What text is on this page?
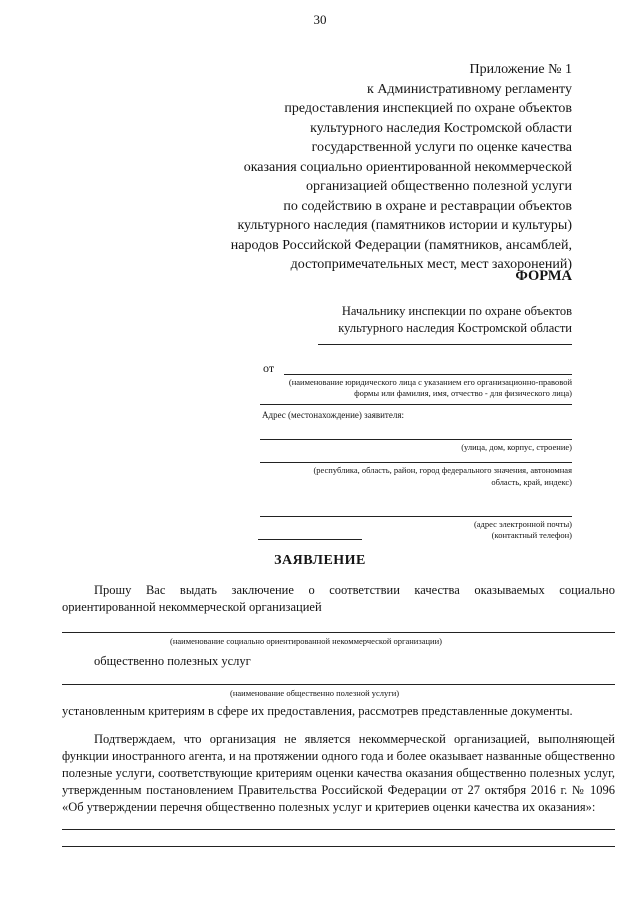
30
Приложение № 1
к Административному регламенту
предоставления инспекцией по охране объектов
культурного наследия Костромской области
государственной услуги по оценке качества
оказания социально ориентированной некоммерческой
организацией общественно полезной услуги
по содействию в охране и реставрации объектов
культурного наследия (памятников истории и культуры)
народов Российской Федерации (памятников, ансамблей,
достопримечательных мест, мест захоронений)
ФОРМА
Начальнику инспекции по охране объектов
культурного наследия Костромской области
от
(наименование юридического лица с указанием его организационно-правовой
формы или фамилия, имя, отчество - для физического лица)
Адрес (местонахождение) заявителя:
(улица, дом, корпус, строение)
(республика, область, район, город федерального значения, автономная
область, край, индекс)
(адрес электронной почты)
(контактный телефон)
ЗАЯВЛЕНИЕ
Прошу Вас выдать заключение о соответствии качества оказываемых социально ориентированной некоммерческой организацией
(наименование социально ориентированной некоммерческой организации)
общественно полезных услуг
(наименование общественно полезной услуги)
установленным критериям в сфере их предоставления, рассмотрев представленные документы.
Подтверждаем, что организация не является некоммерческой организацией, выполняющей функции иностранного агента, и на протяжении одного года и более оказывает названные общественно полезные услуги, соответствующие критериям оценки качества оказания общественно полезных услуг, утвержденным постановлением Правительства Российской Федерации от 27 октября 2016 г. № 1096 «Об утверждении перечня общественно полезных услуг и критериев оценки качества их оказания»:
